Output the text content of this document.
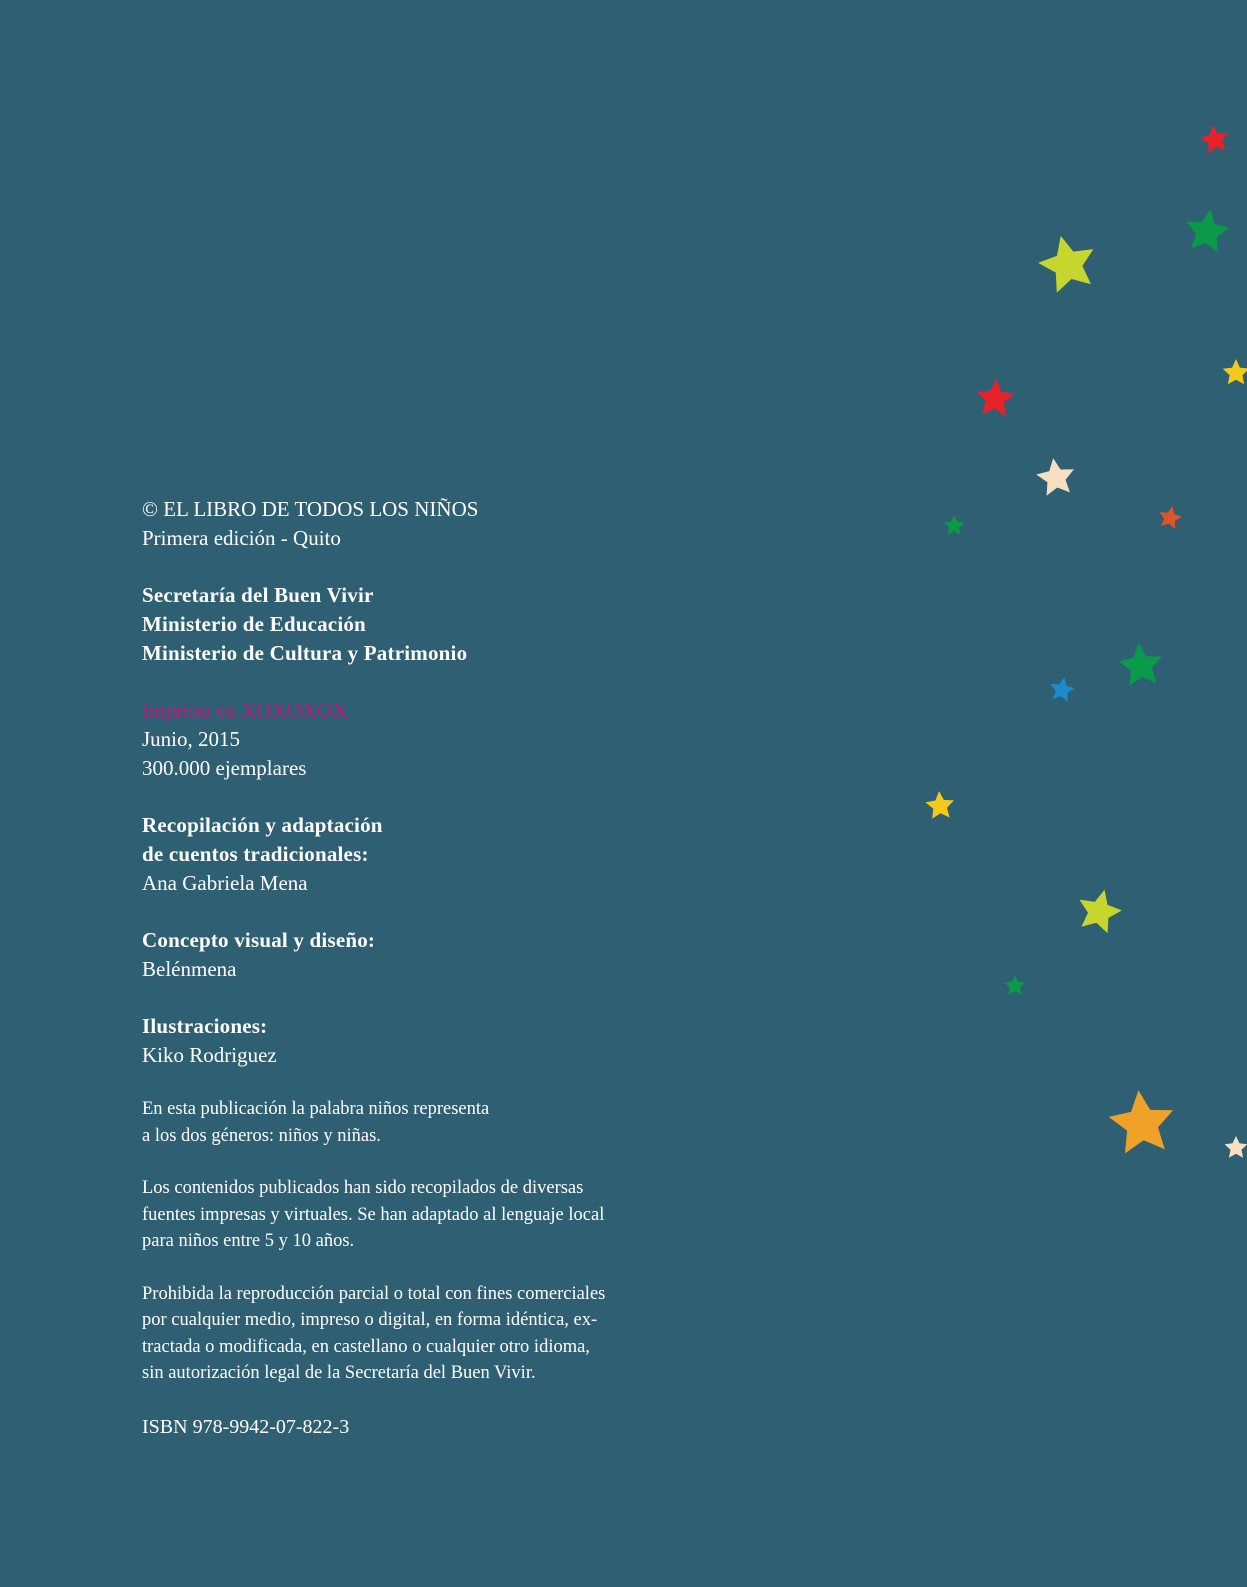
© EL LIBRO DE TODOS LOS NIÑOS
Primera edición - Quito
Secretaría del Buen Vivir
Ministerio de Educación
Ministerio de Cultura y Patrimonio
Impreso en XOXOXOX
Junio, 2015
300.000 ejemplares
Recopilación y adaptación
de cuentos tradicionales:
Ana Gabriela Mena
Concepto visual y diseño:
Belénmena
Ilustraciones:
Kiko Rodriguez
En esta publicación la palabra niños representa
a los dos géneros: niños y niñas.
Los contenidos publicados han sido recopilados de diversas
fuentes impresas y virtuales. Se han adaptado al lenguaje local
para niños entre 5 y 10 años.
Prohibida la reproducción parcial o total con fines comerciales
por cualquier medio, impreso o digital, en forma idéntica, ex-
tractada o modificada, en castellano o cualquier otro idioma,
sin autorización legal de la Secretaría del Buen Vivir.
ISBN 978-9942-07-822-3
